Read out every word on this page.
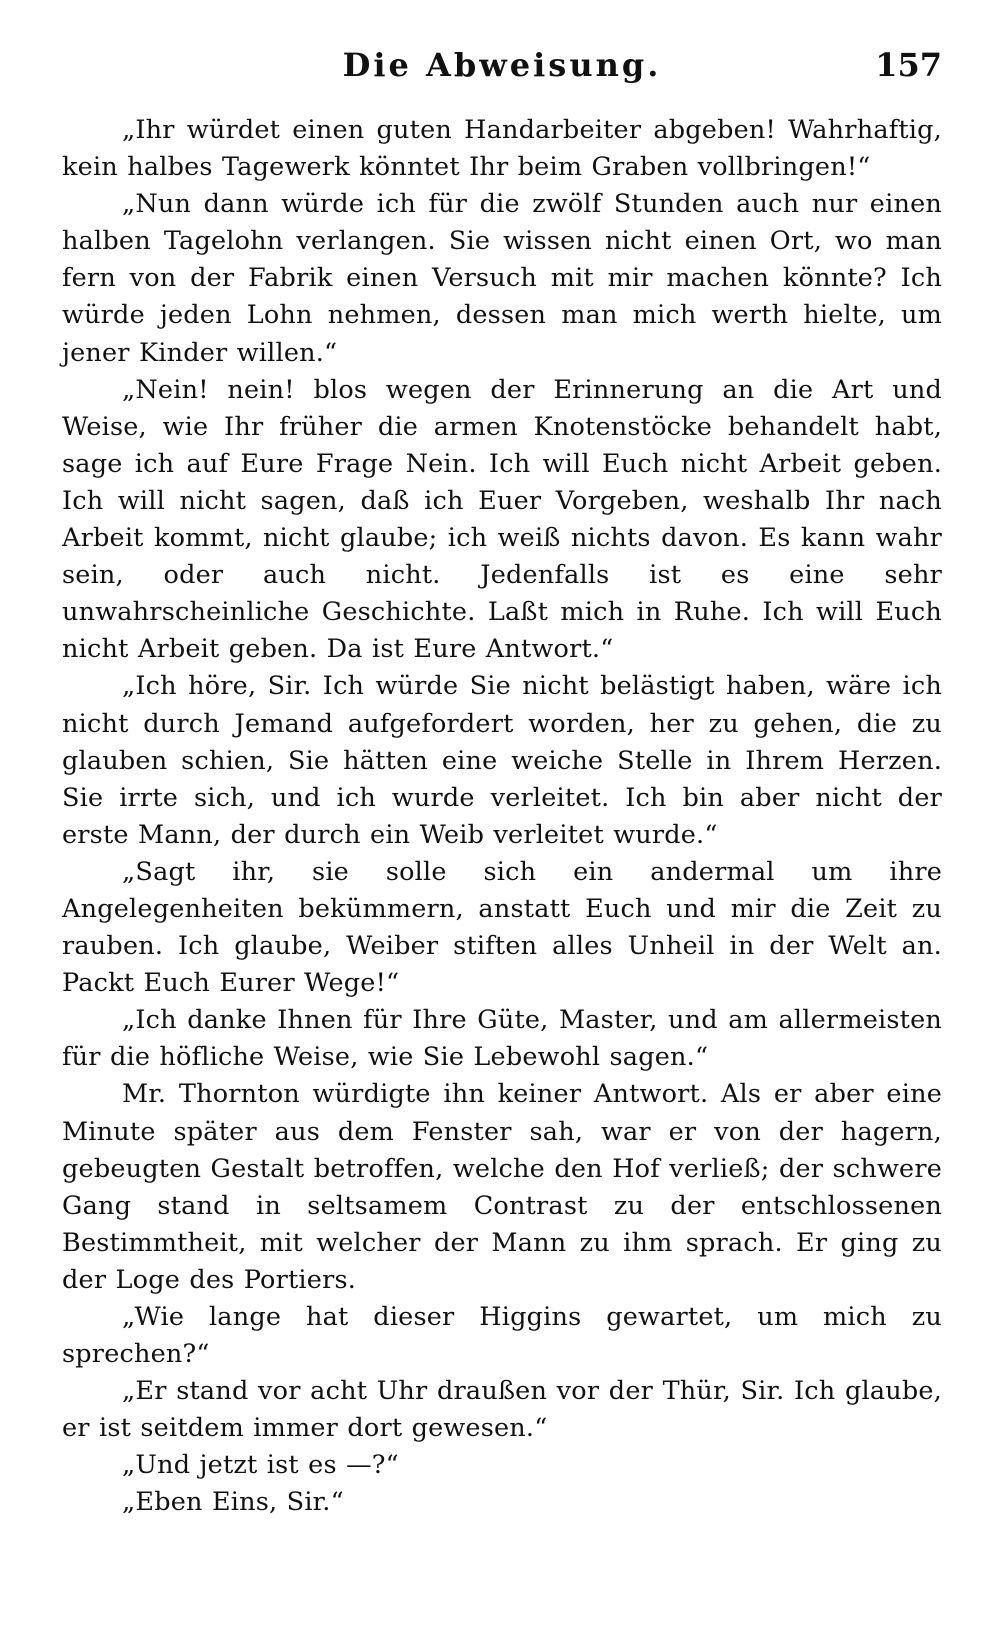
Die Abweisung.	157

„Ihr würdet einen guten Handarbeiter abgeben! Wahrhaftig, kein halbes Tagewerk könntet Ihr beim Graben vollbringen!“

„Nun dann würde ich für die zwölf Stunden auch nur einen halben Tagelohn verlangen. Sie wissen nicht einen Ort, wo man fern von der Fabrik einen Versuch mit mir machen könnte? Ich würde jeden Lohn nehmen, dessen man mich werth hielte, um jener Kinder willen.“

„Nein! nein! blos wegen der Erinnerung an die Art und Weise, wie Ihr früher die armen Knotenstöcke behandelt habt, sage ich auf Eure Frage Nein. Ich will Euch nicht Arbeit geben. Ich will nicht sagen, daß ich Euer Vorgeben, weshalb Ihr nach Arbeit kommt, nicht glaube; ich weiß nichts davon. Es kann wahr sein, oder auch nicht. Jedenfalls ist es eine sehr unwahrscheinliche Geschichte. Laßt mich in Ruhe. Ich will Euch nicht Arbeit geben. Da ist Eure Antwort.“

„Ich höre, Sir. Ich würde Sie nicht belästigt haben, wäre ich nicht durch Jemand aufgefordert worden, her zu gehen, die zu glauben schien, Sie hätten eine weiche Stelle in Ihrem Herzen. Sie irrte sich, und ich wurde verleitet. Ich bin aber nicht der erste Mann, der durch ein Weib verleitet wurde.“

„Sagt ihr, sie solle sich ein andermal um ihre Angelegenheiten bekümmern, anstatt Euch und mir die Zeit zu rauben. Ich glaube, Weiber stiften alles Unheil in der Welt an. Packt Euch Eurer Wege!“

„Ich danke Ihnen für Ihre Güte, Master, und am allermeisten für die höfliche Weise, wie Sie Lebewohl sagen.“

Mr. Thornton würdigte ihn keiner Antwort. Als er aber eine Minute später aus dem Fenster sah, war er von der hagern, gebeugten Gestalt betroffen, welche den Hof verließ; der schwere Gang stand in seltsamem Contrast zu der entschlossenen Bestimmtheit, mit welcher der Mann zu ihm sprach. Er ging zu der Loge des Portiers.

„Wie lange hat dieser Higgins gewartet, um mich zu sprechen?“

„Er stand vor acht Uhr draußen vor der Thür, Sir. Ich glaube, er ist seitdem immer dort gewesen.“

„Und jetzt ist es —?“

„Eben Eins, Sir.“
